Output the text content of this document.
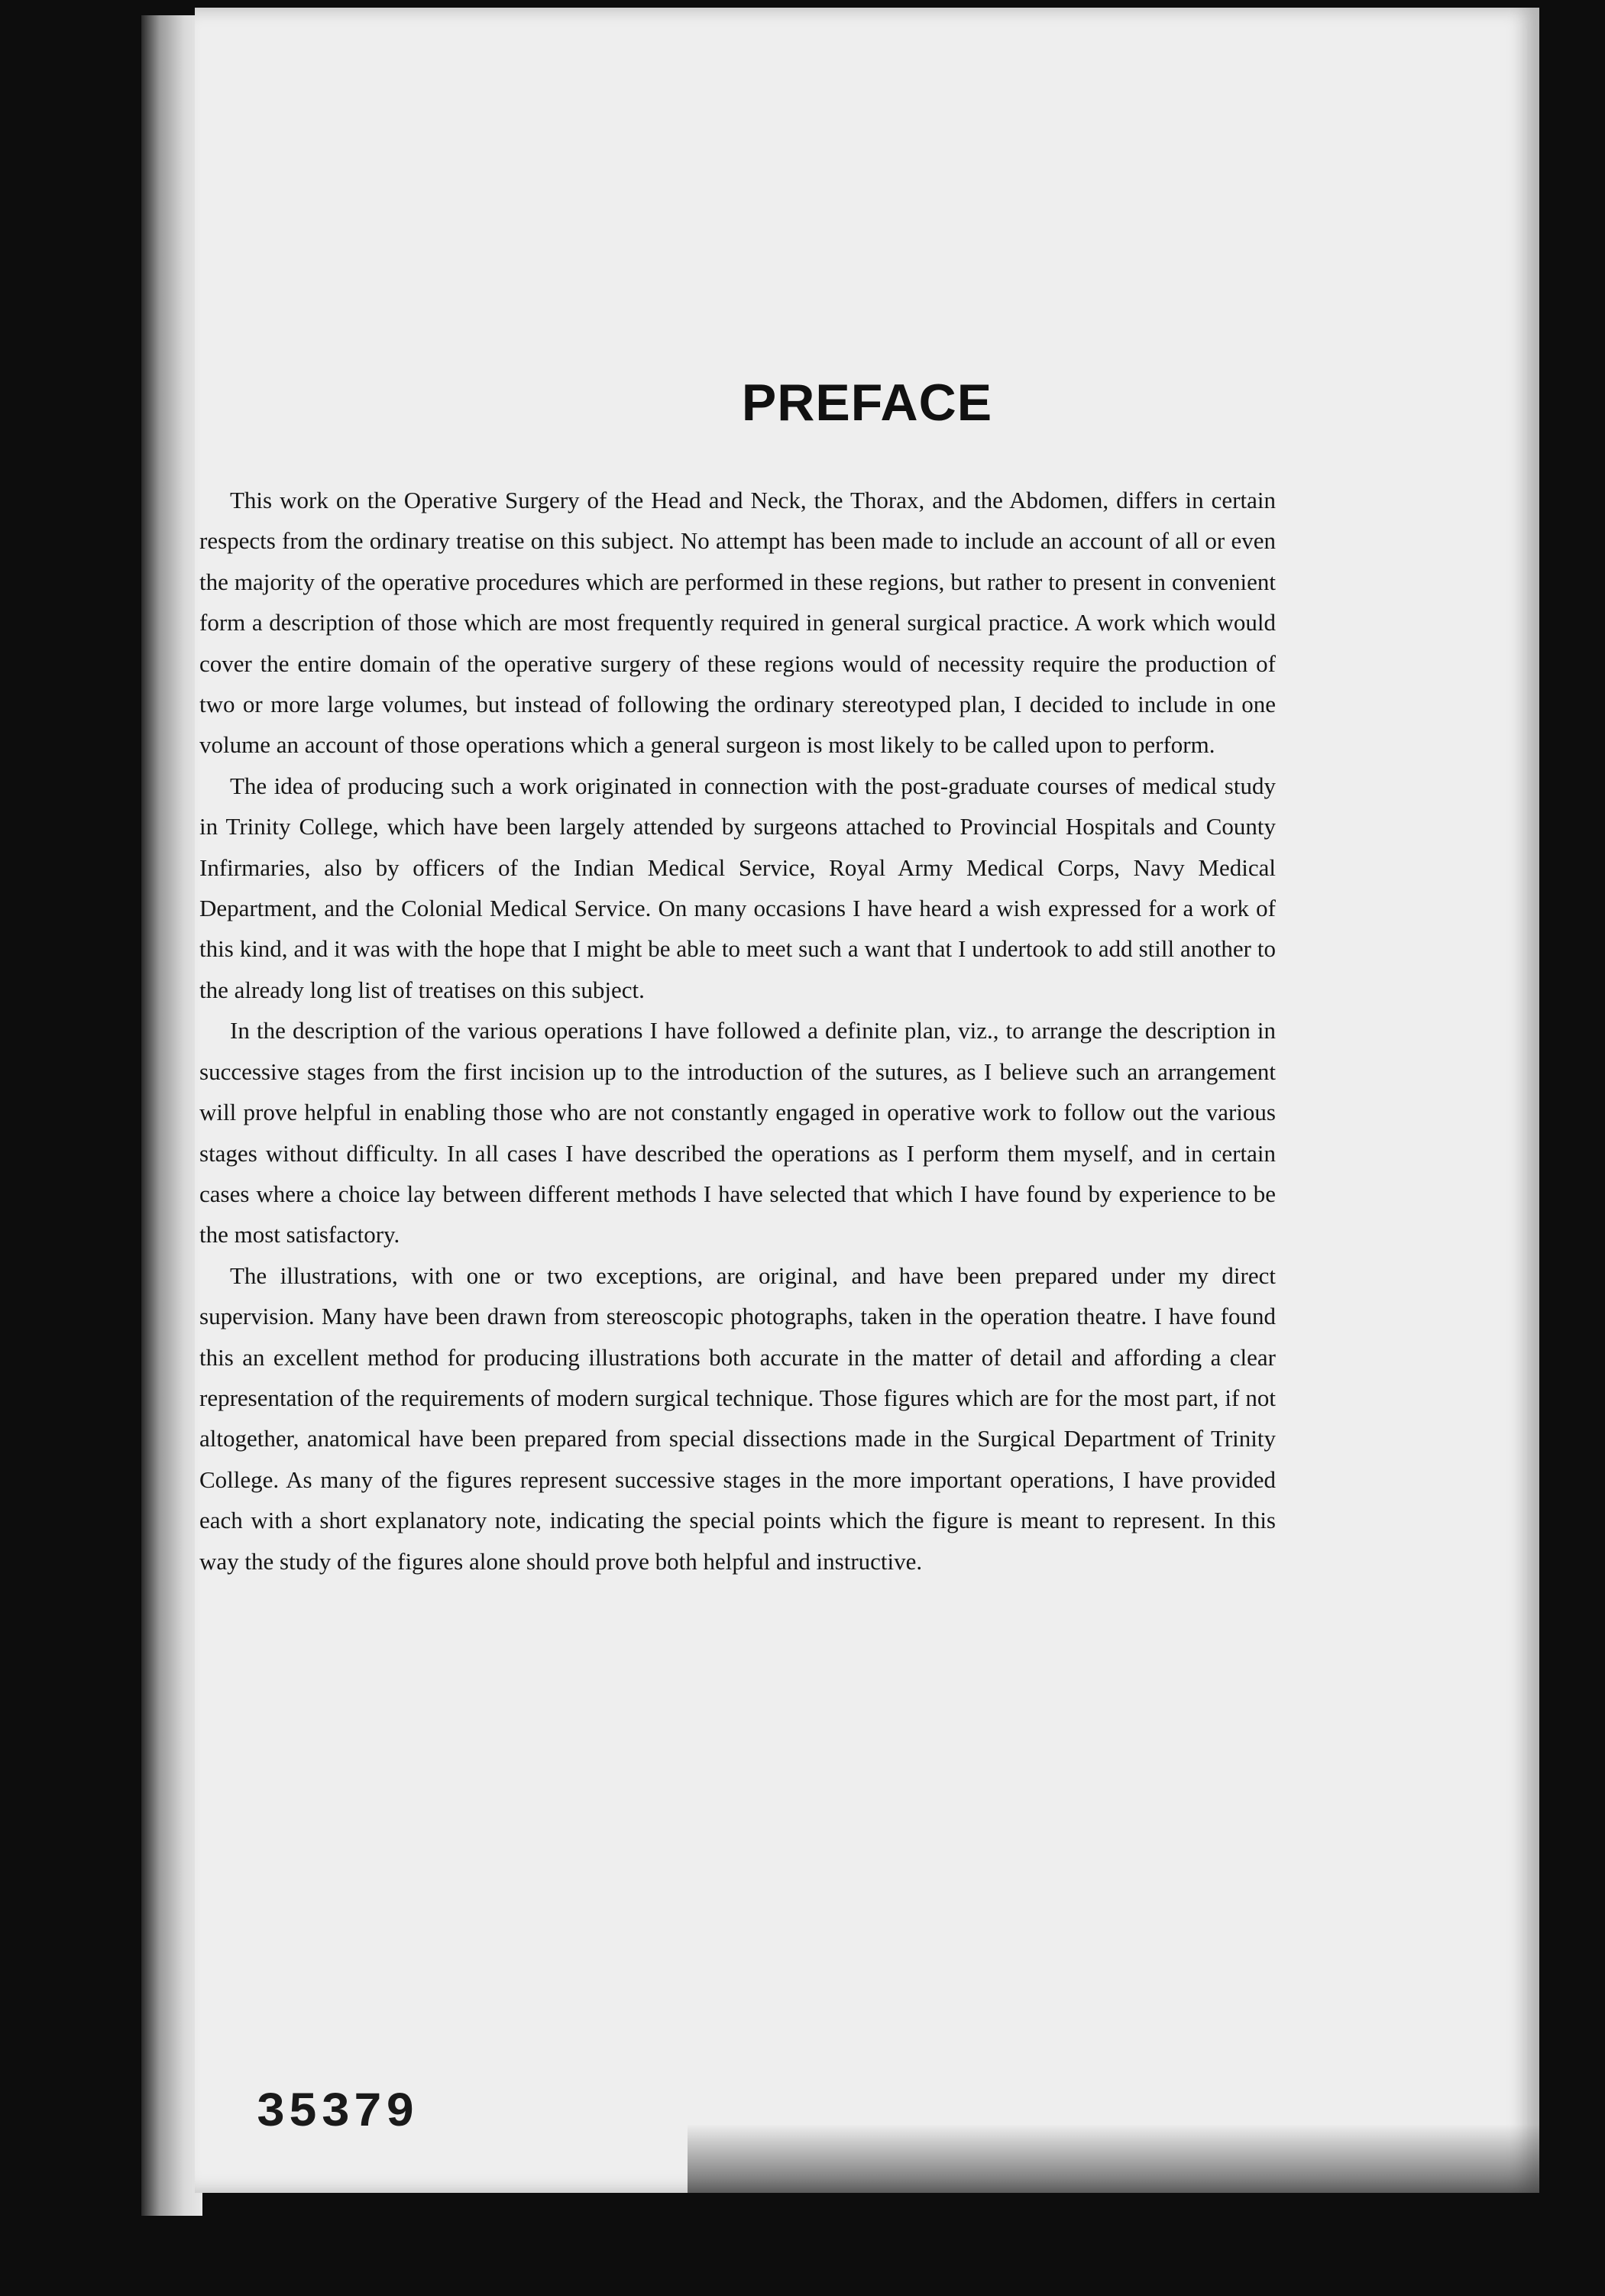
PREFACE

This work on the Operative Surgery of the Head and Neck, the Thorax, and the Abdomen, differs in certain respects from the ordinary treatise on this subject. No attempt has been made to include an account of all or even the majority of the operative procedures which are performed in these regions, but rather to present in convenient form a description of those which are most frequently required in general surgical practice. A work which would cover the entire domain of the operative surgery of these regions would of necessity require the production of two or more large volumes, but instead of following the ordinary stereotyped plan, I decided to include in one volume an account of those operations which a general surgeon is most likely to be called upon to perform.

The idea of producing such a work originated in connection with the post-graduate courses of medical study in Trinity College, which have been largely attended by surgeons attached to Provincial Hospitals and County Infirmaries, also by officers of the Indian Medical Service, Royal Army Medical Corps, Navy Medical Department, and the Colonial Medical Service. On many occasions I have heard a wish expressed for a work of this kind, and it was with the hope that I might be able to meet such a want that I undertook to add still another to the already long list of treatises on this subject.

In the description of the various operations I have followed a definite plan, viz., to arrange the description in successive stages from the first incision up to the introduction of the sutures, as I believe such an arrangement will prove helpful in enabling those who are not constantly engaged in operative work to follow out the various stages without difficulty. In all cases I have described the operations as I perform them myself, and in certain cases where a choice lay between different methods I have selected that which I have found by experience to be the most satisfactory.

The illustrations, with one or two exceptions, are original, and have been prepared under my direct supervision. Many have been drawn from stereoscopic photographs, taken in the operation theatre. I have found this an excellent method for producing illustrations both accurate in the matter of detail and affording a clear representation of the requirements of modern surgical technique. Those figures which are for the most part, if not altogether, anatomical have been prepared from special dissections made in the Surgical Department of Trinity College. As many of the figures represent successive stages in the more important operations, I have provided each with a short explanatory note, indicating the special points which the figure is meant to represent. In this way the study of the figures alone should prove both helpful and instructive.

35379
